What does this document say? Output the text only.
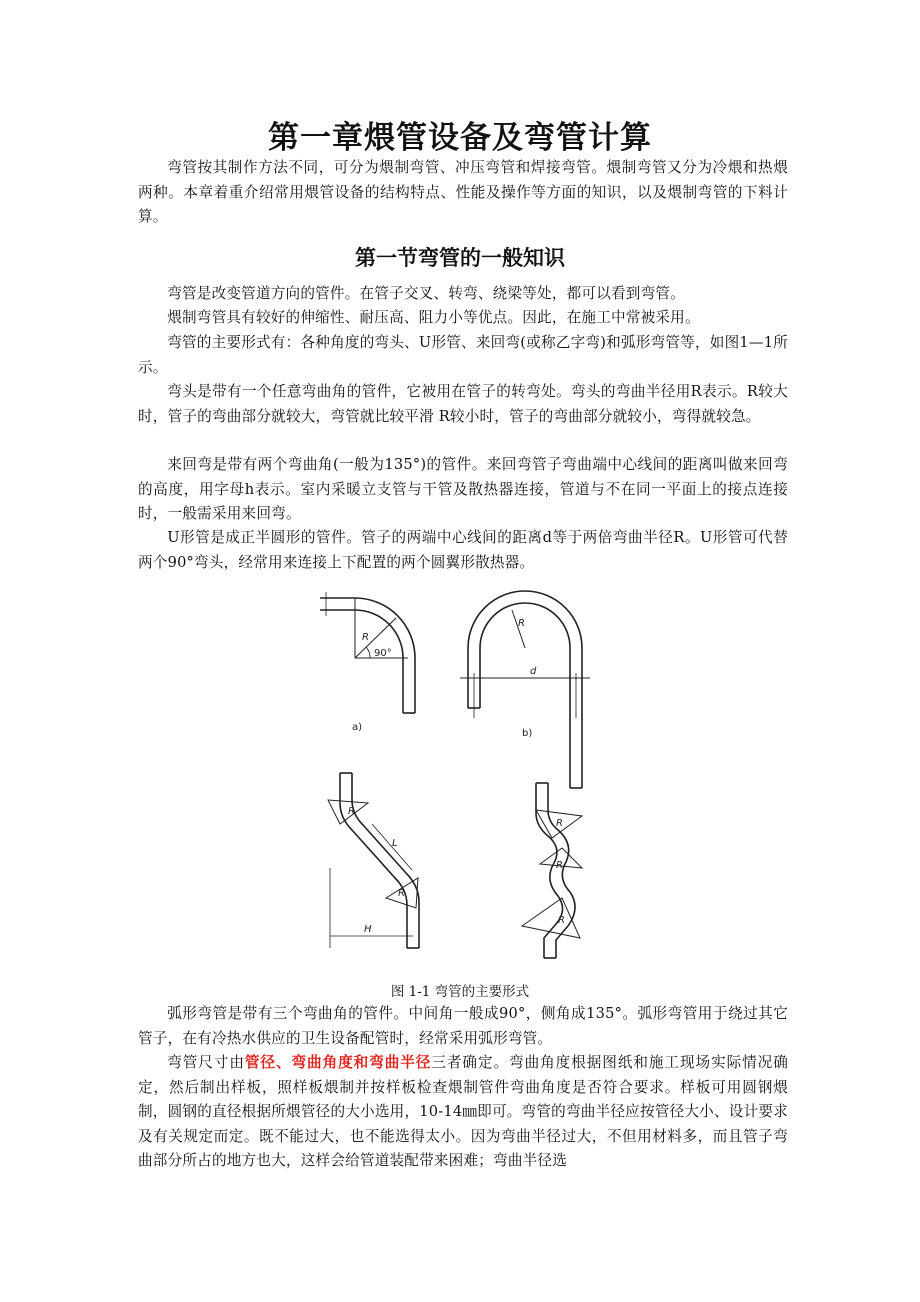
第一章煨管设备及弯管计算

弯管按其制作方法不同，可分为煨制弯管、冲压弯管和焊接弯管。煨制弯管又分为冷煨和热煨两种。本章着重介绍常用煨管设备的结构特点、性能及操作等方面的知识，以及煨制弯管的下料计算。

第一节弯管的一般知识

弯管是改变管道方向的管件。在管子交叉、转弯、绕梁等处，都可以看到弯管。

煨制弯管具有较好的伸缩性、耐压高、阻力小等优点。因此，在施工中常被采用。

弯管的主要形式有：各种角度的弯头、U形管、来回弯(或称乙字弯)和弧形弯管等，如图1—1所示。

弯头是带有一个任意弯曲角的管件，它被用在管子的转弯处。弯头的弯曲半径用R表示。R较大时，管子的弯曲部分就较大，弯管就比较平滑 R较小时，管子的弯曲部分就较小，弯得就较急。

来回弯是带有两个弯曲角(一般为135°)的管件。来回弯管子弯曲端中心线间的距离叫做来回弯的高度，用字母h表示。室内采暖立支管与干管及散热器连接，管道与不在同一平面上的接点连接时，一般需采用来回弯。

U形管是成正半圆形的管件。管子的两端中心线间的距离d等于两倍弯曲半径R。U形管可代替两个90°弯头，经常用来连接上下配置的两个圆翼形散热器。

a)
b)
R
90°
R
d
R
L
R
H
R
R
R

图 1-1 弯管的主要形式

弧形弯管是带有三个弯曲角的管件。中间角一般成90°，侧角成135°。弧形弯管用于绕过其它管子，在有冷热水供应的卫生设备配管时，经常采用弧形弯管。

弯管尺寸由管径、弯曲角度和弯曲半径三者确定。弯曲角度根据图纸和施工现场实际情况确定，然后制出样板，照样板煨制并按样板检查煨制管件弯曲角度是否符合要求。样板可用圆钢煨制，圆钢的直径根据所煨管径的大小选用，10-14㎜即可。弯管的弯曲半径应按管径大小、设计要求及有关规定而定。既不能过大，也不能选得太小。因为弯曲半径过大，不但用材料多，而且管子弯曲部分所占的地方也大，这样会给管道装配带来困难；弯曲半径选
